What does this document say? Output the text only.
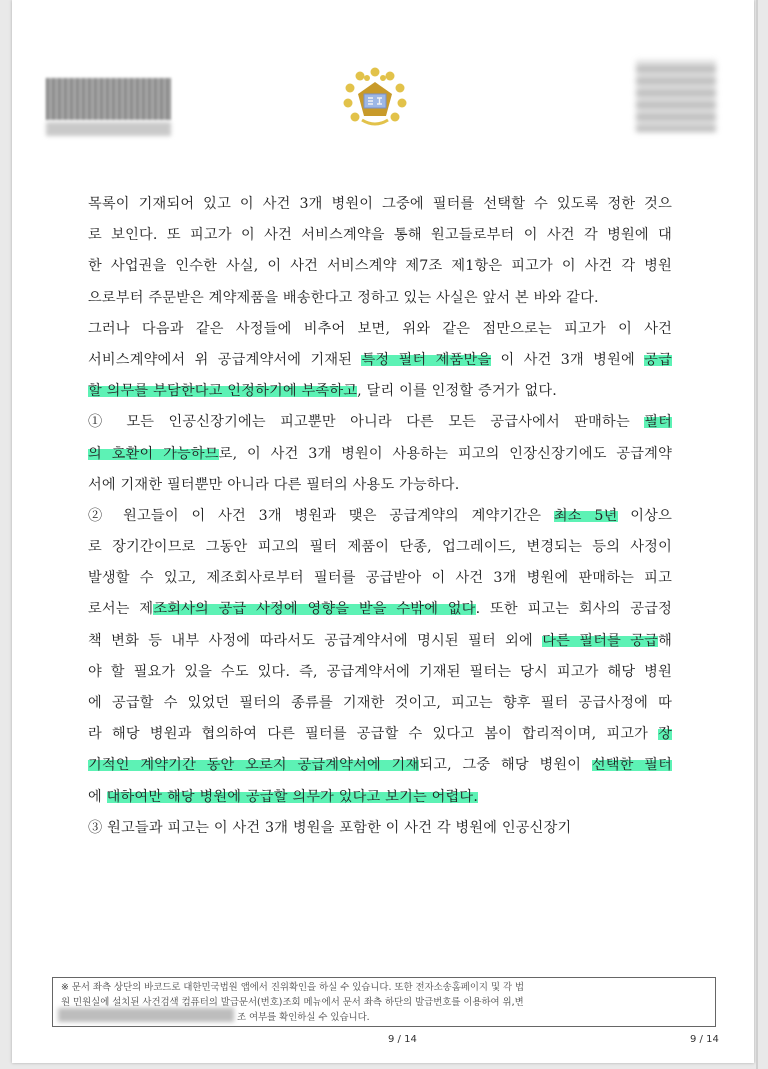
목록이 기재되어 있고 이 사건 3개 병원이 그중에 필터를 선택할 수 있도록 정한 것으
로 보인다. 또 피고가 이 사건 서비스계약을 통해 원고들로부터 이 사건 각 병원에 대
한 사업권을 인수한 사실, 이 사건 서비스계약 제7조 제1항은 피고가 이 사건 각 병원
으로부터 주문받은 계약제품을 배송한다고 정하고 있는 사실은 앞서 본 바와 같다.
그러나 다음과 같은 사정들에 비추어 보면, 위와 같은 점만으로는 피고가 이 사건
서비스계약에서 위 공급계약서에 기재된 특정 필터 제품만을 이 사건 3개 병원에 공급
할 의무를 부담한다고 인정하기에 부족하고, 달리 이를 인정할 증거가 없다.
① 모든 인공신장기에는 피고뿐만 아니라 다른 모든 공급사에서 판매하는 필터
의 호환이 가능하므로, 이 사건 3개 병원이 사용하는 피고의 인장신장기에도 공급계약
서에 기재한 필터뿐만 아니라 다른 필터의 사용도 가능하다.
② 원고들이 이 사건 3개 병원과 맺은 공급계약의 계약기간은 최소 5년 이상으
로 장기간이므로 그동안 피고의 필터 제품이 단종, 업그레이드, 변경되는 등의 사정이
발생할 수 있고, 제조회사로부터 필터를 공급받아 이 사건 3개 병원에 판매하는 피고
로서는 제조회사의 공급 사정에 영향을 받을 수밖에 없다. 또한 피고는 회사의 공급정
책 변화 등 내부 사정에 따라서도 공급계약서에 명시된 필터 외에 다른 필터를 공급해
야 할 필요가 있을 수도 있다. 즉, 공급계약서에 기재된 필터는 당시 피고가 해당 병원
에 공급할 수 있었던 필터의 종류를 기재한 것이고, 피고는 향후 필터 공급사정에 따
라 해당 병원과 협의하여 다른 필터를 공급할 수 있다고 봄이 합리적이며, 피고가 장
기적인 계약기간 동안 오로지 공급계약서에 기재되고, 그중 해당 병원이 선택한 필터
에 대하여만 해당 병원에 공급할 의무가 있다고 보기는 어렵다.
③ 원고들과 피고는 이 사건 3개 병원을 포함한 이 사건 각 병원에 인공신장기
※ 문서 좌측 상단의 바코드로 대한민국법원 앱에서 진위확인을 하실 수 있습니다. 또한 전자소송홈페이지 및 각 법
원 민원실에 설치된 사건검색 컴퓨터의 발급문서(번호)조회 메뉴에서 문서 좌측 하단의 발급번호를 이용하여 위,변
조 여부를 확인하실 수 있습니다.
9 / 14	9 / 14
